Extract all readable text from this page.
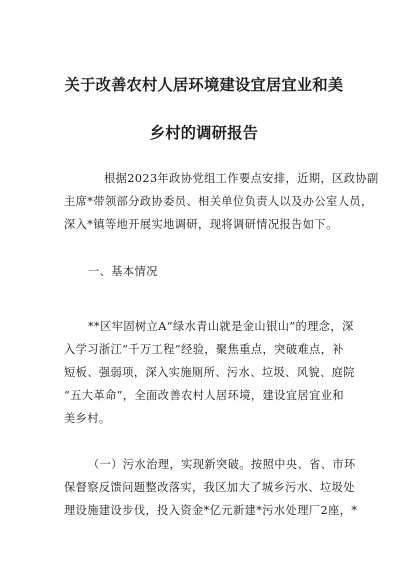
关于改善农村人居环境建设宜居宜业和美
乡村的调研报告
根据2023年政协党组工作要点安排，近期，区政协副
主席*带领部分政协委员、相关单位负责人以及办公室人员，
深入*镇等地开展实地调研，现将调研情况报告如下。
一、基本情况
**区牢固树立A“绿水青山就是金山银山”的理念，深
入学习浙江“千万工程”经验，聚焦重点，突破难点，补
短板、强弱项，深入实施厕所、污水、垃圾、风貌、庭院
“五大革命”，全面改善农村人居环境，建设宜居宜业和
美乡村。
（一）污水治理，实现新突破。按照中央、省、市环
保督察反馈问题整改落实，我区加大了城乡污水、垃圾处
理设施建设步伐，投入资金*亿元新建*污水处理厂2座，*
